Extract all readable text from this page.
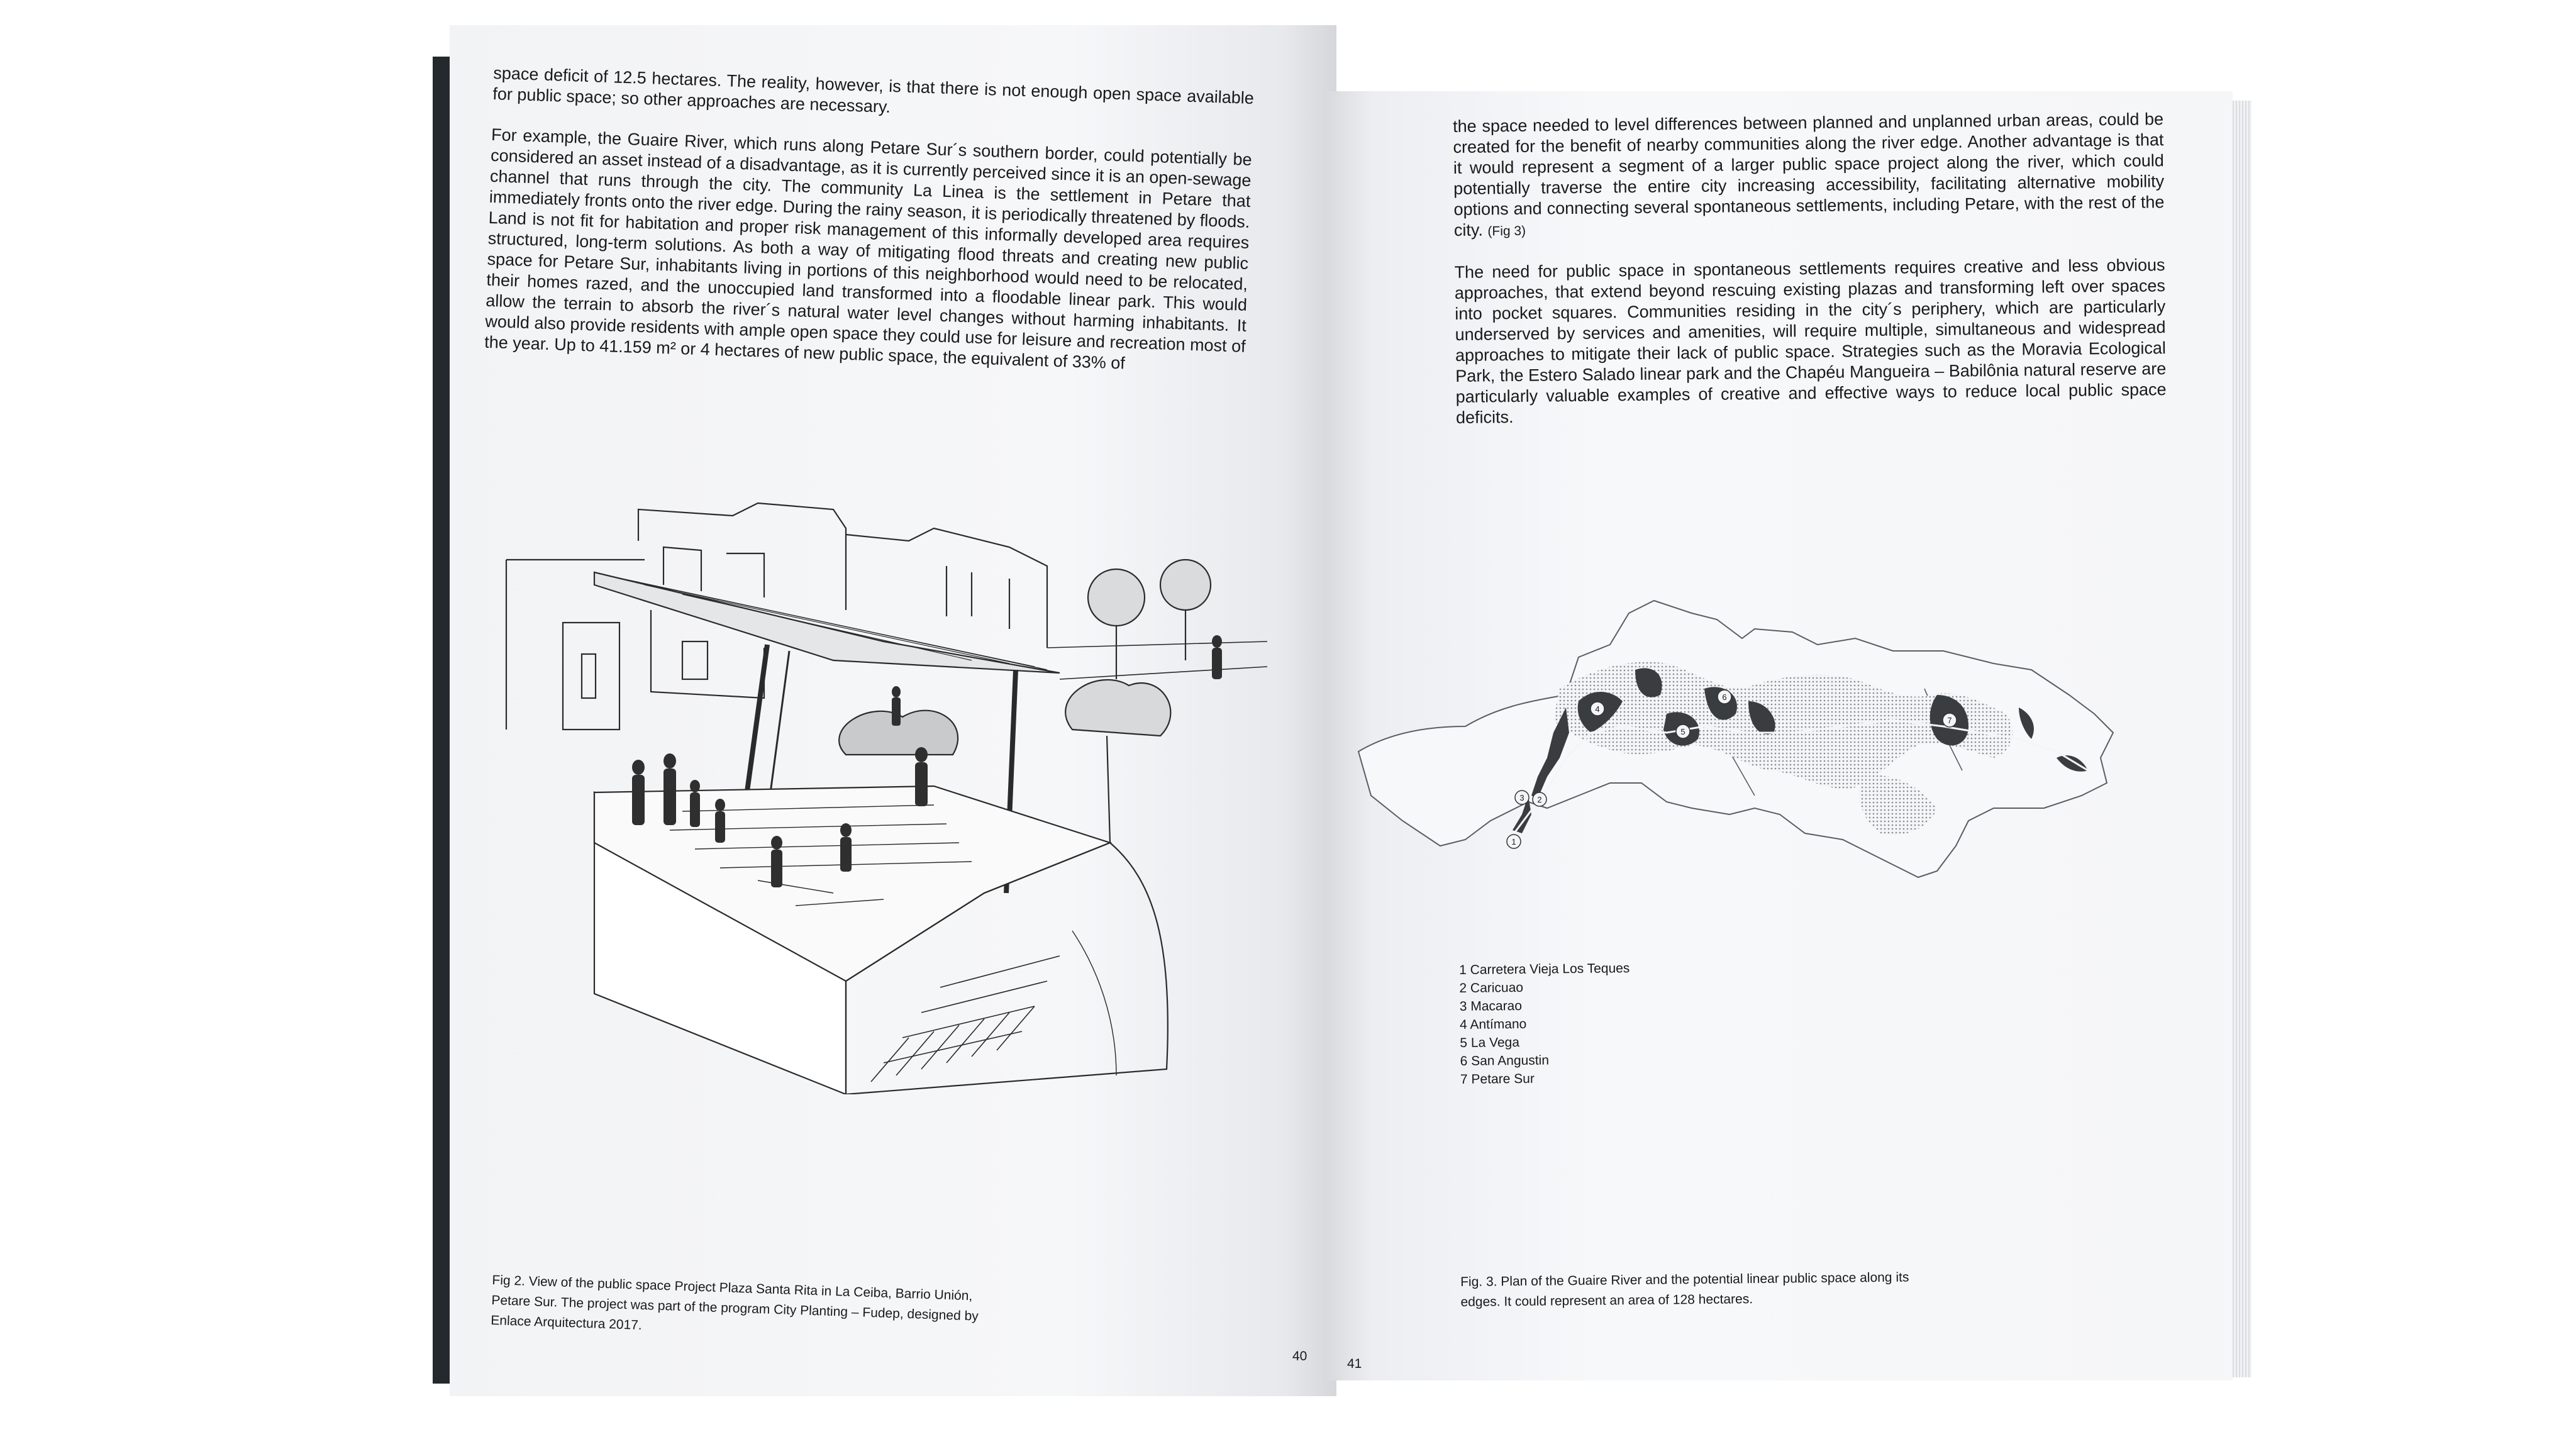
space deficit of 12.5 hectares. The reality, however, is that there is not enough open space available for public space; so other approaches are necessary.

For example, the Guaire River, which runs along Petare Sur´s southern border, could potentially be considered an asset instead of a disadvantage, as it is currently perceived since it is an open-sewage channel that runs through the city. The community La Linea is the settlement in Petare that immediately fronts onto the river edge. During the rainy season, it is periodically threatened by floods. Land is not fit for habitation and proper risk management of this informally developed area requires structured, long-term solutions. As both a way of mitigating flood threats and creating new public space for Petare Sur, inhabitants living in portions of this neighborhood would need to be relocated, their homes razed, and the unoccupied land transformed into a floodable linear park. This would allow the terrain to absorb the river´s natural water level changes without harming inhabitants. It would also provide residents with ample open space they could use for leisure and recreation most of the year. Up to 41.159 m² or 4 hectares of new public space, the equivalent of 33% of

Fig 2. View of the public space Project Plaza Santa Rita in La Ceiba, Barrio Unión, Petare Sur. The project was part of the program City Planting – Fudep, designed by Enlace Arquitectura 2017.

40

the space needed to level differences between planned and unplanned urban areas, could be created for the benefit of nearby communities along the river edge. Another advantage is that it would represent a segment of a larger public space project along the river, which could potentially traverse the entire city increasing accessibility, facilitating alternative mobility options and connecting several spontaneous settlements, including Petare, with the rest of the city. (Fig 3)

The need for public space in spontaneous settlements requires creative and less obvious approaches, that extend beyond rescuing existing plazas and transforming left over spaces into pocket squares. Communities residing in the city´s periphery, which are particularly underserved by services and amenities, will require multiple, simultaneous and widespread approaches to mitigate their lack of public space. Strategies such as the Moravia Ecological Park, the Estero Salado linear park and the Chapéu Mangueira – Babilônia natural reserve are particularly valuable examples of creative and effective ways to reduce local public space deficits.

1
2
3
4
5
6
7
1 Carretera Vieja Los Teques
2 Caricuao
3 Macarao
4 Antímano
5 La Vega
6 San Angustin
7 Petare Sur

Fig. 3. Plan of the Guaire River and the potential linear public space along its edges. It could represent an area of 128 hectares.

41
